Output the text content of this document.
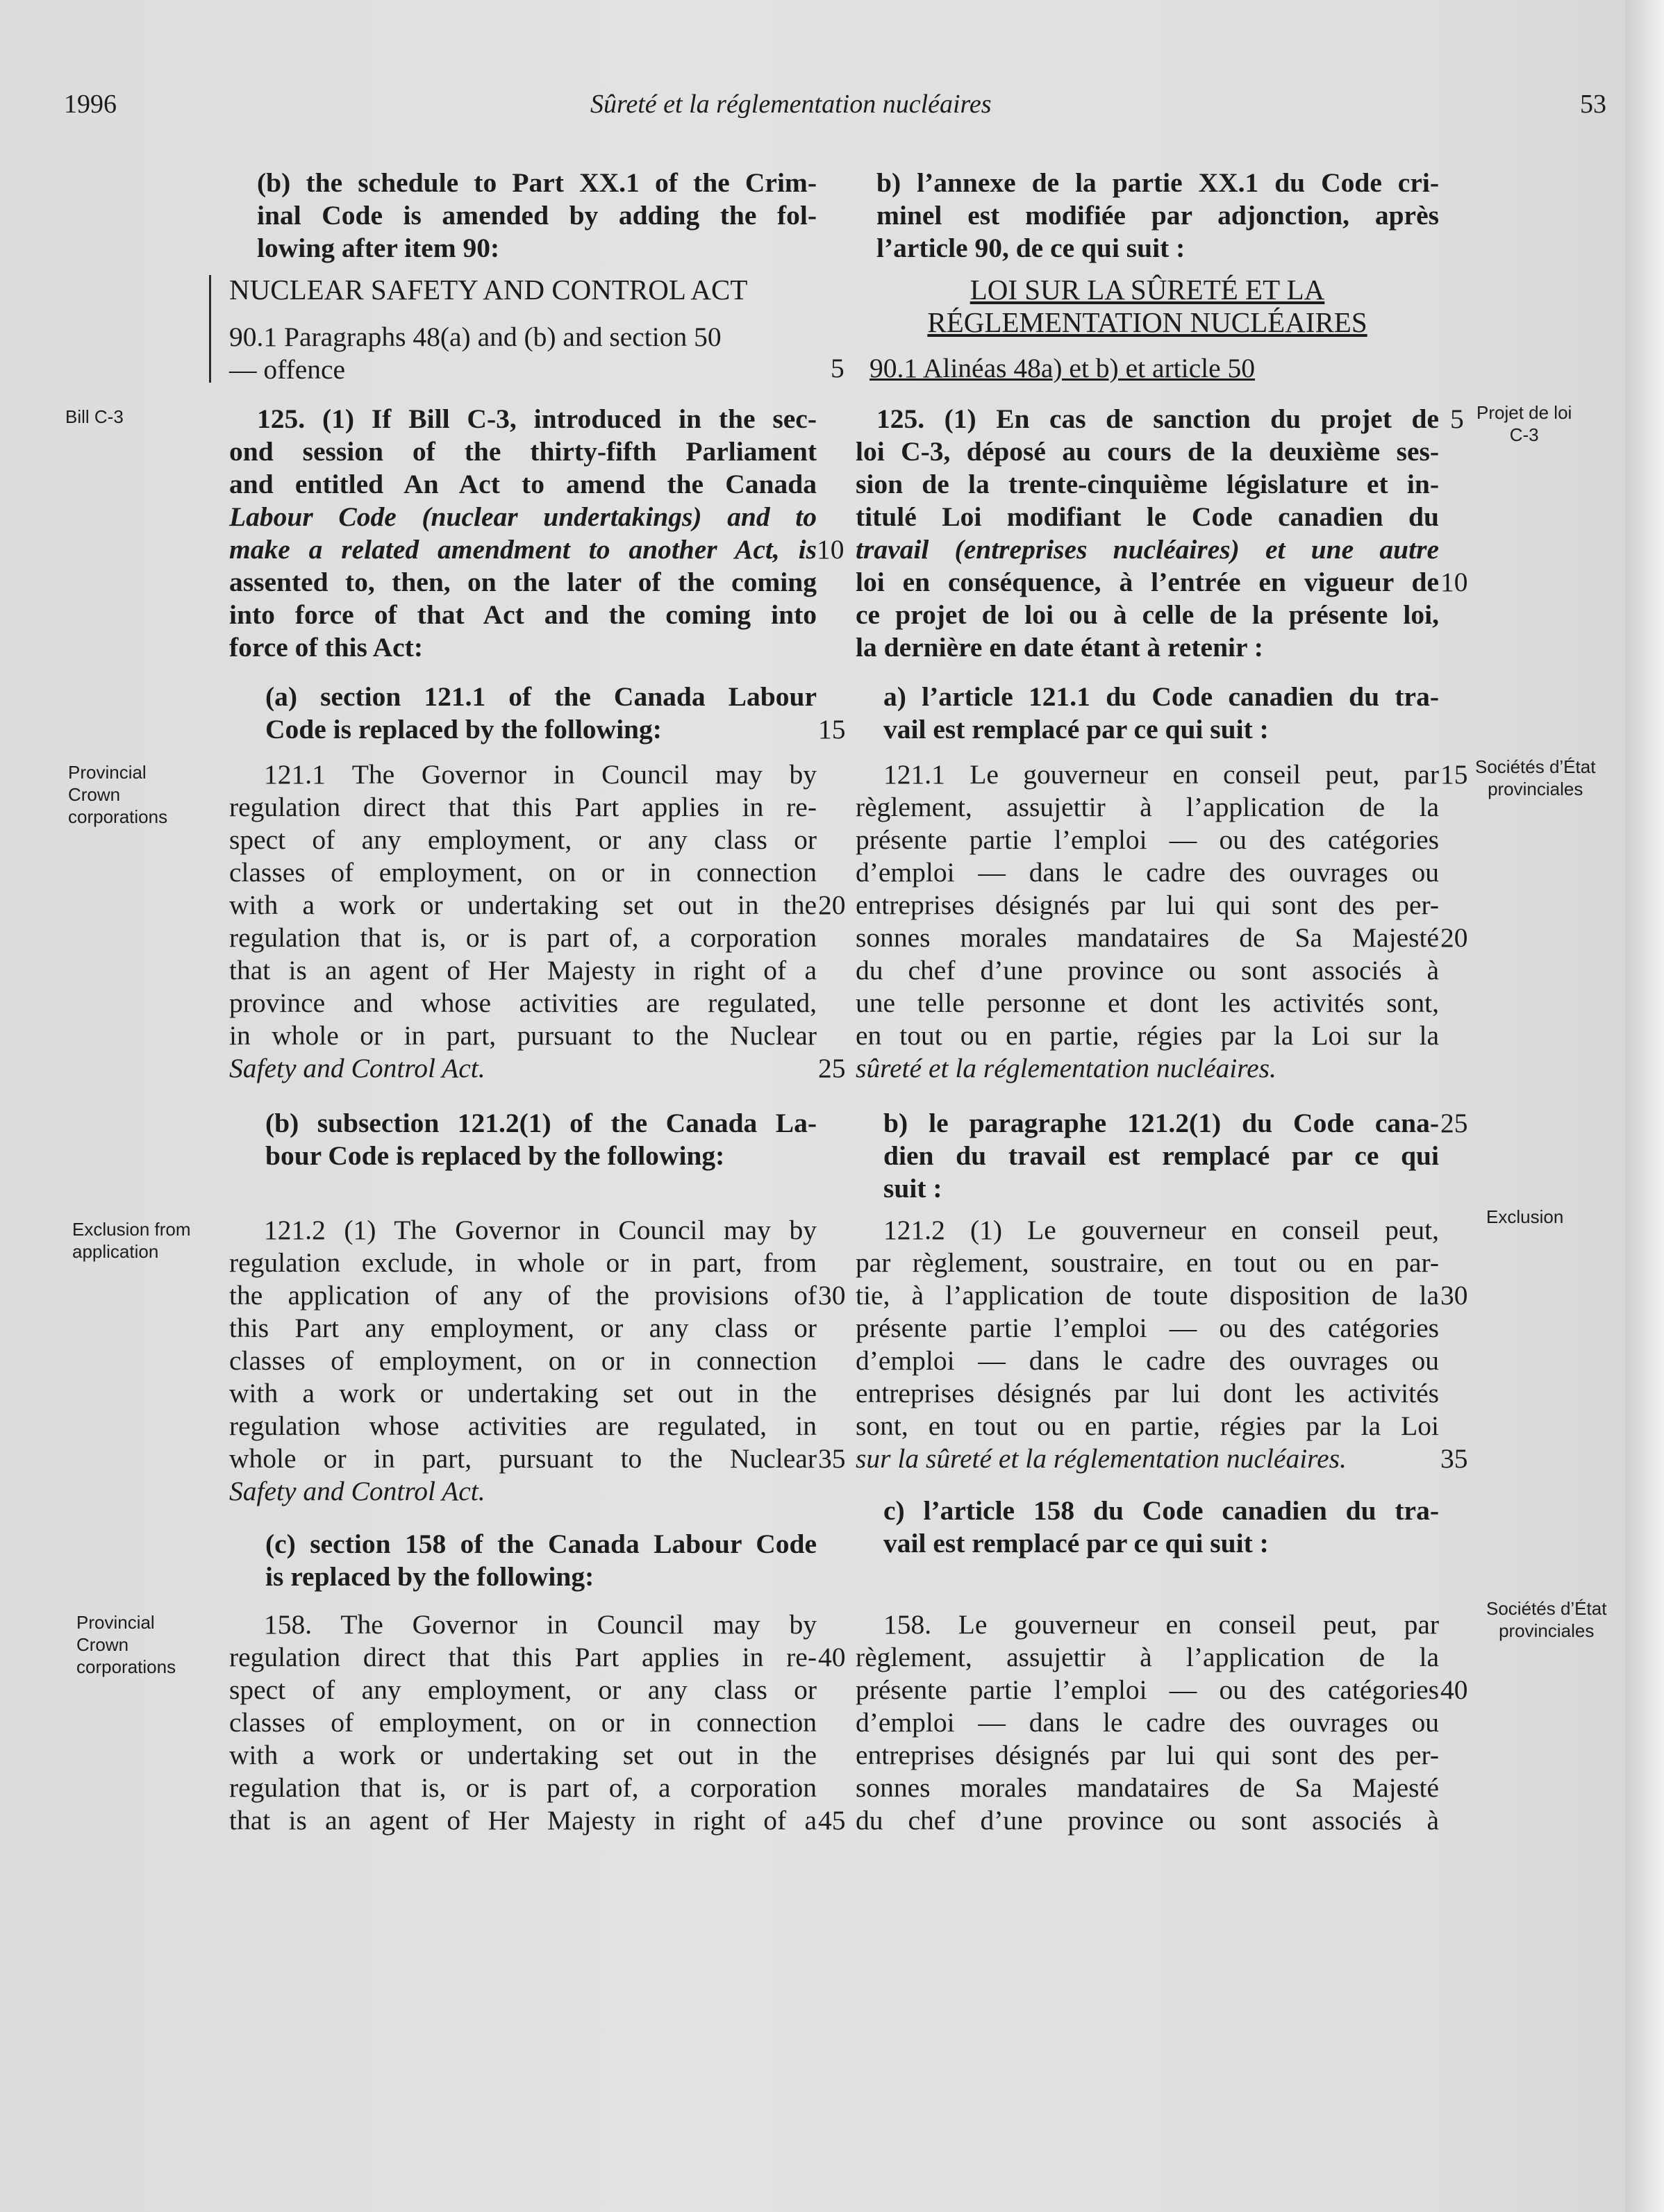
1996	Sûreté et la réglementation nucléaires	53
(b) the schedule to Part XX.1 of the Crim-
inal Code is amended by adding the fol-
lowing after item 90:
NUCLEAR SAFETY AND CONTROL ACT
90.1 Paragraphs 48(a) and (b) and section 50
— offence
125. (1) If Bill C-3, introduced in the sec-
ond session of the thirty-fifth Parliament
and entitled An Act to amend the Canada
Labour Code (nuclear undertakings) and to
make a related amendment to another Act, is
assented to, then, on the later of the coming
into force of that Act and the coming into
force of this Act:
(a) section 121.1 of the Canada Labour
Code is replaced by the following:
121.1 The Governor in Council may by
regulation direct that this Part applies in re-
spect of any employment, or any class or
classes of employment, on or in connection
with a work or undertaking set out in the
regulation that is, or is part of, a corporation
that is an agent of Her Majesty in right of a
province and whose activities are regulated,
in whole or in part, pursuant to the Nuclear
Safety and Control Act.
(b) subsection 121.2(1) of the Canada La-
bour Code is replaced by the following:
121.2 (1) The Governor in Council may by
regulation exclude, in whole or in part, from
the application of any of the provisions of
this Part any employment, or any class or
classes of employment, on or in connection
with a work or undertaking set out in the
regulation whose activities are regulated, in
whole or in part, pursuant to the Nuclear
Safety and Control Act.
(c) section 158 of the Canada Labour Code
is replaced by the following:
158. The Governor in Council may by
regulation direct that this Part applies in re-
spect of any employment, or any class or
classes of employment, on or in connection
with a work or undertaking set out in the
regulation that is, or is part of, a corporation
that is an agent of Her Majesty in right of a
b) l’annexe de la partie XX.1 du Code cri-
minel est modifiée par adjonction, après
l’article 90, de ce qui suit :
LOI SUR LA SÛRETÉ ET LA
RÉGLEMENTATION NUCLÉAIRES
90.1 Alinéas 48a) et b) et article 50
125. (1) En cas de sanction du projet de
loi C-3, déposé au cours de la deuxième ses-
sion de la trente-cinquième législature et in-
titulé Loi modifiant le Code canadien du
travail (entreprises nucléaires) et une autre
loi en conséquence, à l’entrée en vigueur de
ce projet de loi ou à celle de la présente loi,
la dernière en date étant à retenir :
a) l’article 121.1 du Code canadien du tra-
vail est remplacé par ce qui suit :
121.1 Le gouverneur en conseil peut, par
règlement, assujettir à l’application de la
présente partie l’emploi — ou des catégories
d’emploi — dans le cadre des ouvrages ou
entreprises désignés par lui qui sont des per-
sonnes morales mandataires de Sa Majesté
du chef d’une province ou sont associés à
une telle personne et dont les activités sont,
en tout ou en partie, régies par la Loi sur la
sûreté et la réglementation nucléaires.
b) le paragraphe 121.2(1) du Code cana-
dien du travail est remplacé par ce qui
suit :
121.2 (1) Le gouverneur en conseil peut,
par règlement, soustraire, en tout ou en par-
tie, à l’application de toute disposition de la
présente partie l’emploi — ou des catégories
d’emploi — dans le cadre des ouvrages ou
entreprises désignés par lui dont les activités
sont, en tout ou en partie, régies par la Loi
sur la sûreté et la réglementation nucléaires.
c) l’article 158 du Code canadien du tra-
vail est remplacé par ce qui suit :
158. Le gouverneur en conseil peut, par
règlement, assujettir à l’application de la
présente partie l’emploi — ou des catégories
d’emploi — dans le cadre des ouvrages ou
entreprises désignés par lui qui sont des per-
sonnes morales mandataires de Sa Majesté
du chef d’une province ou sont associés à
5
10
15
20
25
30
35
40
45
5
10
15
20
25
30
35
40
Bill C-3
Provincial
Crown
corporations
Exclusion from
application
Provincial
Crown
corporations
Projet de loi
C-3
Sociétés d’État
provinciales
Exclusion
Sociétés d’État
provinciales
